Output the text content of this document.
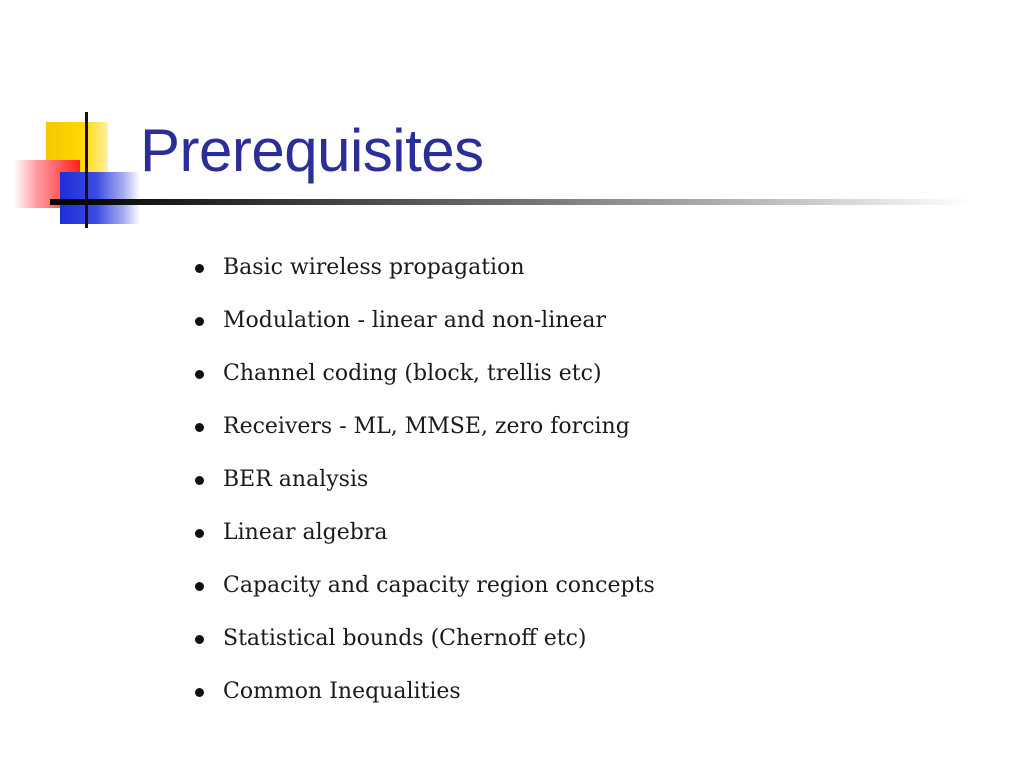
Prerequisites
Basic wireless propagation
Modulation - linear and non-linear
Channel coding (block, trellis etc)
Receivers - ML, MMSE, zero forcing
BER analysis
Linear algebra
Capacity and capacity region concepts
Statistical bounds (Chernoff etc)
Common Inequalities
